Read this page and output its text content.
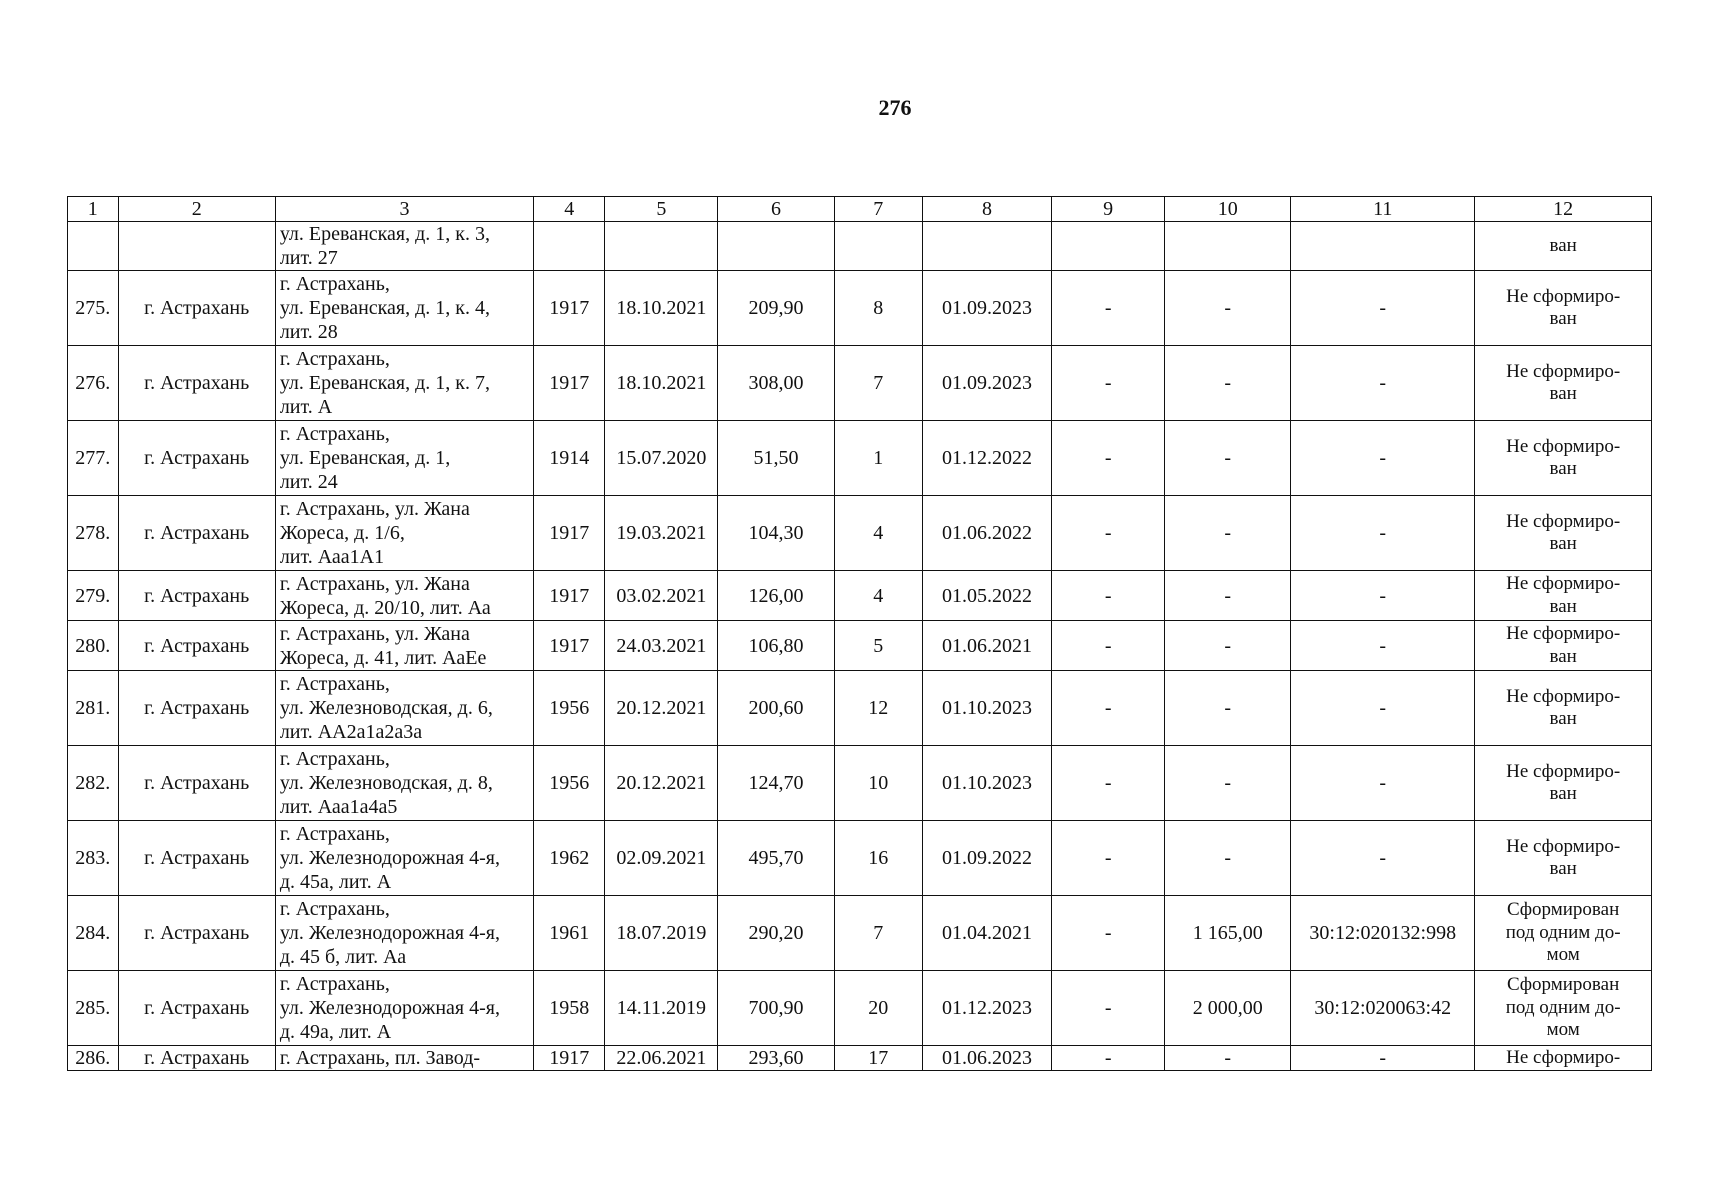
276
1	2	3	4	5	6	7	8	9	10	11	12

		ул. Ереванская, д. 1, к. 3,
лит. 27									ван

275.	г. Астрахань	г. Астрахань,
ул. Ереванская, д. 1, к. 4,
лит. 28	1917	18.10.2021	209,90	8	01.09.2023	-	-	-	Не сформиро-
ван

276.	г. Астрахань	г. Астрахань,
ул. Ереванская, д. 1, к. 7,
лит. А	1917	18.10.2021	308,00	7	01.09.2023	-	-	-	Не сформиро-
ван

277.	г. Астрахань	г. Астрахань,
ул. Ереванская, д. 1,
лит. 24	1914	15.07.2020	51,50	1	01.12.2022	-	-	-	Не сформиро-
ван

278.	г. Астрахань	г. Астрахань, ул. Жана
Жореса, д. 1/6,
лит. Ааа1А1	1917	19.03.2021	104,30	4	01.06.2022	-	-	-	Не сформиро-
ван

279.	г. Астрахань	г. Астрахань, ул. Жана
Жореса, д. 20/10, лит. Аа	1917	03.02.2021	126,00	4	01.05.2022	-	-	-	Не сформиро-
ван

280.	г. Астрахань	г. Астрахань, ул. Жана
Жореса, д. 41, лит. АаЕе	1917	24.03.2021	106,80	5	01.06.2021	-	-	-	Не сформиро-
ван

281.	г. Астрахань	г. Астрахань,
ул. Железноводская, д. 6,
лит. АА2а1а2а3а	1956	20.12.2021	200,60	12	01.10.2023	-	-	-	Не сформиро-
ван

282.	г. Астрахань	г. Астрахань,
ул. Железноводская, д. 8,
лит. Ааа1а4а5	1956	20.12.2021	124,70	10	01.10.2023	-	-	-	Не сформиро-
ван

283.	г. Астрахань	г. Астрахань,
ул. Железнодорожная 4-я,
д. 45а, лит. А	1962	02.09.2021	495,70	16	01.09.2022	-	-	-	Не сформиро-
ван

284.	г. Астрахань	г. Астрахань,
ул. Железнодорожная 4-я,
д. 45 б, лит. Аа	1961	18.07.2019	290,20	7	01.04.2021	-	1 165,00	30:12:020132:998	Сформирован
под одним до-
мом

285.	г. Астрахань	г. Астрахань,
ул. Железнодорожная 4-я,
д. 49а, лит. А	1958	14.11.2019	700,90	20	01.12.2023	-	2 000,00	30:12:020063:42	Сформирован
под одним до-
мом

286.	г. Астрахань	г. Астрахань, пл. Завод-	1917	22.06.2021	293,60	17	01.06.2023	-	-	-	Не сформиро-
